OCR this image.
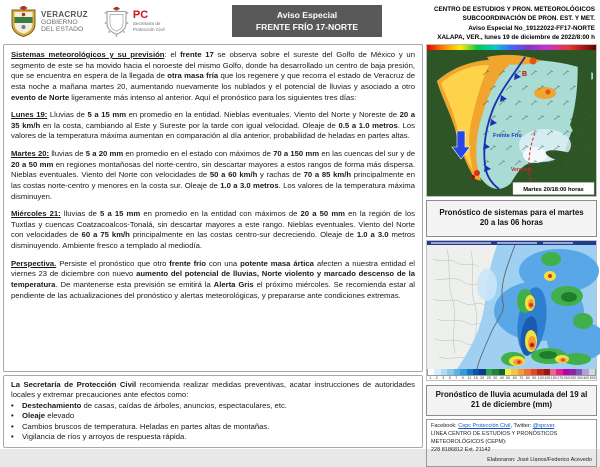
VERACRUZ
GOBIERNO
DEL ESTADO
PC
Secretaría de
Protección Civil
Aviso Especial
FRENTE FRÍO 17-NORTE
CENTRO DE ESTUDIOS Y PRON. METEOROLÓGICOS
SUBCOORDINACIÓN DE PRON. EST. Y MET.
Aviso Especial No_19122022-FF17-NORTE
XALAPA, VER., lunes 19 de diciembre de 2022/8:00 h

Sistemas meteorológicos y su previsión: el frente 17 se observa sobre el sureste del Golfo de México y un segmento de este se ha movido hacia el noroeste del mismo Golfo, donde ha desarrollado un centro de baja presión, que se encuentra en espera de la llegada de otra masa fría que los regenere y que recorra el estado de Veracruz de esta noche a mañana martes 20, aumentando nuevamente los nublados y el potencial de lluvias y asociado a otro evento de Norte ligeramente más intenso al anterior. Aquí el pronóstico para los siguientes tres días:

Lunes 19: Lluvias de 5 a 15 mm en promedio en la entidad. Nieblas eventuales. Viento del Norte y Noreste de 20 a 35 km/h en la costa, cambiando al Este y Sureste por la tarde con igual velocidad. Oleaje de 0.5 a 1.0 metros. Los valores de la temperatura máxima aumentan en comparación al día anterior, probabilidad de heladas en partes altas.

Martes 20: lluvias de 5 a 20 mm en promedio en el estado con máximos de 70 a 150 mm en las cuencas del sur y de 20 a 50 mm en regiones montañosas del norte-centro, sin descartar mayores a estos rangos de forma más dispersa. Nieblas eventuales. Viento del Norte con velocidades de 50 a 60 km/h y rachas de 70 a 85 km/h principalmente en las costas norte-centro y menores en la costa sur. Oleaje de 1.0 a 3.0 metros. Los valores de la temperatura máxima disminuyen.

Miércoles 21: lluvias de 5 a 15 mm en promedio en la entidad con máximos de 20 a 50 mm en la región de los Tuxtlas y cuencas Coatzacoalcos-Tonalá, sin descartar mayores a este rango. Nieblas eventuales. Viento del Norte con velocidades de 60 a 75 km/h principalmente en las costas centro-sur decreciendo. Oleaje de 1.0 a 3.0 metros disminuyendo. Ambiente fresco a templado al mediodía.

Perspectiva. Persiste el pronóstico que otro frente frío con una potente masa ártica afecten a nuestra entidad el viernes 23 de diciembre con nuevo aumento del potencial de lluvias, Norte violento y marcado descenso de la temperatura. De mantenerse esta previsión se emitirá la Alerta Gris el próximo miércoles. Se recomienda estar al pendiente de las actualizaciones del pronóstico y alertas meteorológicas, y prepararse ante condiciones extremas.

La Secretaría de Protección Civil recomienda realizar medidas preventivas, acatar instrucciones de autoridades locales y extremar precauciones ante efectos como:
•	Destechamiento de casas, caídas de árboles, anuncios, espectaculares, etc.
•	Oleaje elevado
•	Cambios bruscos de temperatura. Heladas en partes altas de montañas.
•	Vigilancia de ríos y arroyos de respuesta rápida.
B
Frente Frío
Veracruz
Martes 20/18:00 horas
Pronóstico de sistemas para el martes 20 a las 06 horas
1	2	3	5	7	9	11 15 20 25 30 40 50 60 70 80 90 100 125 150 175 200 250 300 400 500
Pronóstico de lluvia acumulada del 19 al 21 de diciembre (mm)
Facebook: Cepc Protección Civil, Twitter: @spcver.
LÍNEA CENTRO DE ESTUDIOS Y PRONÓSTICOS METEOROLÓGICOS (CEPM):
228 8186812 Ext. 21142
Elaboraron: José Llanos/Federico Acevedo
